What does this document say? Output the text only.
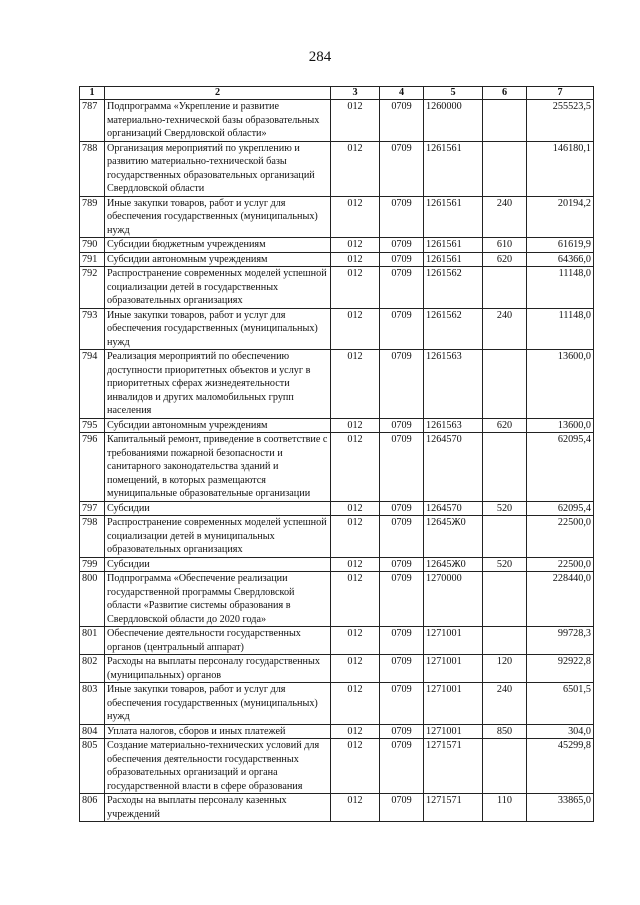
284
1	2	3	4	5	6	7
787	Подпрограмма «Укрепление и развитие материально-технической базы образовательных организаций Свердловской области»	012	0709	1260000		255523,5
788	Организация мероприятий по укреплению и развитию материально-технической базы государственных образовательных организаций Свердловской области	012	0709	1261561		146180,1
789	Иные закупки товаров, работ и услуг для обеспечения государственных (муниципальных) нужд	012	0709	1261561	240	20194,2
790	Субсидии бюджетным учреждениям	012	0709	1261561	610	61619,9
791	Субсидии автономным учреждениям	012	0709	1261561	620	64366,0
792	Распространение современных моделей успешной социализации детей в государственных образовательных организациях	012	0709	1261562		11148,0
793	Иные закупки товаров, работ и услуг для обеспечения государственных (муниципальных) нужд	012	0709	1261562	240	11148,0
794	Реализация мероприятий по обеспечению доступности приоритетных объектов и услуг в приоритетных сферах жизнедеятельности инвалидов и других маломобильных групп населения	012	0709	1261563		13600,0
795	Субсидии автономным учреждениям	012	0709	1261563	620	13600,0
796	Капитальный ремонт, приведение в соответствие с требованиями пожарной безопасности и санитарного законодательства зданий и помещений, в которых размещаются муниципальные образовательные организации	012	0709	1264570		62095,4
797	Субсидии	012	0709	1264570	520	62095,4
798	Распространение современных моделей успешной социализации детей в муниципальных образовательных организациях	012	0709	12645Ж0		22500,0
799	Субсидии	012	0709	12645Ж0	520	22500,0
800	Подпрограмма «Обеспечение реализации государственной программы Свердловской области «Развитие системы образования в Свердловской области до 2020 года»	012	0709	1270000		228440,0
801	Обеспечение деятельности государственных органов (центральный аппарат)	012	0709	1271001		99728,3
802	Расходы на выплаты персоналу государственных (муниципальных) органов	012	0709	1271001	120	92922,8
803	Иные закупки товаров, работ и услуг для обеспечения государственных (муниципальных) нужд	012	0709	1271001	240	6501,5
804	Уплата налогов, сборов и иных платежей	012	0709	1271001	850	304,0
805	Создание материально-технических условий для обеспечения деятельности государственных образовательных организаций и органа государственной власти в сфере образования	012	0709	1271571		45299,8
806	Расходы на выплаты персоналу казенных учреждений	012	0709	1271571	110	33865,0
